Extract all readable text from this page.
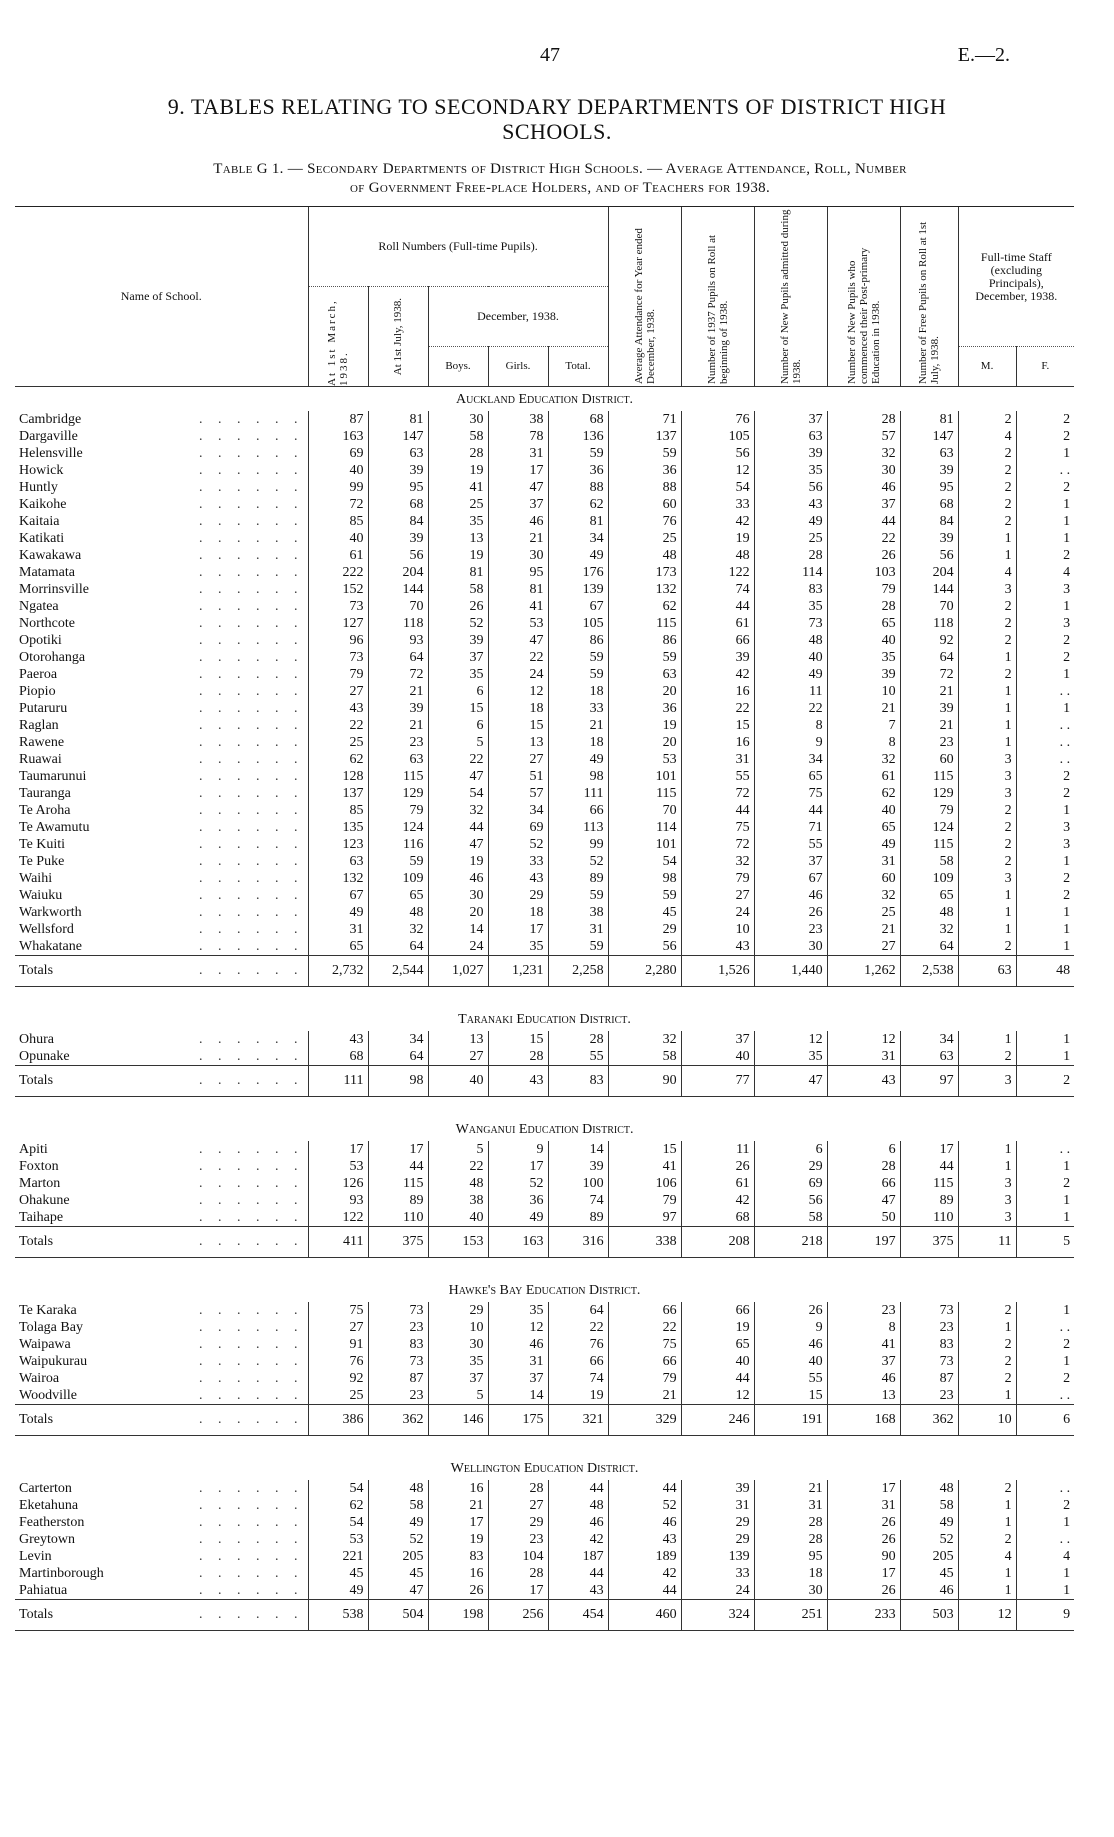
47	E.—2.
9. TABLES RELATING TO SECONDARY DEPARTMENTS OF DISTRICT HIGH
SCHOOLS.
Table G 1. — Secondary Departments of District High Schools. — Average Attendance, Roll, Number
of Government Free-place Holders, and of Teachers for 1938.
Name of School.	Roll Numbers (Full-time Pupils).					Average Attendance for Year ended December, 1938.	Number of 1937 Pupils on Roll at beginning of 1938.	Number of New Pupils admitted during 1938.	Number of New Pupils who commenced their Post-primary Education in 1938.	Number of Free Pupils on Roll at 1st July, 1938.	Full-time Staff (excluding Principals), December, 1938.	

	At 1st March, 1938.	At 1st July, 1938.	December, 1938.									
			Boys.	Girls.	Total.						M.	F.
Auckland Education District.												
Cambridge . . . . . .	87	81	30	38	68	71	76	37	28	81	2	2
Dargaville . . . . . .	163	147	58	78	136	137	105	63	57	147	4	2
Helensville . . . . . .	69	63	28	31	59	59	56	39	32	63	2	1
Howick . . . . . .	40	39	19	17	36	36	12	35	30	39	2	. .
Huntly . . . . . .	99	95	41	47	88	88	54	56	46	95	2	2
Kaikohe . . . . . .	72	68	25	37	62	60	33	43	37	68	2	1
Kaitaia . . . . . .	85	84	35	46	81	76	42	49	44	84	2	1
Katikati . . . . . .	40	39	13	21	34	25	19	25	22	39	1	1
Kawakawa . . . . . .	61	56	19	30	49	48	48	28	26	56	1	2
Matamata . . . . . .	222	204	81	95	176	173	122	114	103	204	4	4
Morrinsville . . . . . .	152	144	58	81	139	132	74	83	79	144	3	3
Ngatea . . . . . .	73	70	26	41	67	62	44	35	28	70	2	1
Northcote . . . . . .	127	118	52	53	105	115	61	73	65	118	2	3
Opotiki . . . . . .	96	93	39	47	86	86	66	48	40	92	2	2
Otorohanga . . . . . .	73	64	37	22	59	59	39	40	35	64	1	2
Paeroa . . . . . .	79	72	35	24	59	63	42	49	39	72	2	1
Piopio . . . . . .	27	21	6	12	18	20	16	11	10	21	1	. .
Putaruru . . . . . .	43	39	15	18	33	36	22	22	21	39	1	1
Raglan . . . . . .	22	21	6	15	21	19	15	8	7	21	1	. .
Rawene . . . . . .	25	23	5	13	18	20	16	9	8	23	1	. .
Ruawai . . . . . .	62	63	22	27	49	53	31	34	32	60	3	. .
Taumarunui . . . . . .	128	115	47	51	98	101	55	65	61	115	3	2
Tauranga . . . . . .	137	129	54	57	111	115	72	75	62	129	3	2
Te Aroha . . . . . .	85	79	32	34	66	70	44	44	40	79	2	1
Te Awamutu . . . . . .	135	124	44	69	113	114	75	71	65	124	2	3
Te Kuiti . . . . . .	123	116	47	52	99	101	72	55	49	115	2	3
Te Puke . . . . . .	63	59	19	33	52	54	32	37	31	58	2	1
Waihi . . . . . .	132	109	46	43	89	98	79	67	60	109	3	2
Waiuku . . . . . .	67	65	30	29	59	59	27	46	32	65	1	2
Warkworth . . . . . .	49	48	20	18	38	45	24	26	25	48	1	1
Wellsford . . . . . .	31	32	14	17	31	29	10	23	21	32	1	1
Whakatane . . . . . .	65	64	24	35	59	56	43	30	27	64	2	1
Totals . . . . . .	2,732	2,544	1,027	1,231	2,258	2,280	1,526	1,440	1,262	2,538	63	48
Taranaki Education District.												
Ohura . . . . . .	43	34	13	15	28	32	37	12	12	34	1	1
Opunake . . . . . .	68	64	27	28	55	58	40	35	31	63	2	1
Totals . . . . . .	111	98	40	43	83	90	77	47	43	97	3	2
Wanganui Education District.												
Apiti . . . . . .	17	17	5	9	14	15	11	6	6	17	1	. .
Foxton . . . . . .	53	44	22	17	39	41	26	29	28	44	1	1
Marton . . . . . .	126	115	48	52	100	106	61	69	66	115	3	2
Ohakune . . . . . .	93	89	38	36	74	79	42	56	47	89	3	1
Taihape . . . . . .	122	110	40	49	89	97	68	58	50	110	3	1
Totals . . . . . .	411	375	153	163	316	338	208	218	197	375	11	5
Hawke's Bay Education District.												
Te Karaka . . . . . .	75	73	29	35	64	66	66	26	23	73	2	1
Tolaga Bay . . . . . .	27	23	10	12	22	22	19	9	8	23	1	. .
Waipawa . . . . . .	91	83	30	46	76	75	65	46	41	83	2	2
Waipukurau . . . . . .	76	73	35	31	66	66	40	40	37	73	2	1
Wairoa . . . . . .	92	87	37	37	74	79	44	55	46	87	2	2
Woodville . . . . . .	25	23	5	14	19	21	12	15	13	23	1	. .
Totals . . . . . .	386	362	146	175	321	329	246	191	168	362	10	6
Wellington Education District.												
Carterton . . . . . .	54	48	16	28	44	44	39	21	17	48	2	. .
Eketahuna . . . . . .	62	58	21	27	48	52	31	31	31	58	1	2
Featherston . . . . . .	54	49	17	29	46	46	29	28	26	49	1	1
Greytown . . . . . .	53	52	19	23	42	43	29	28	26	52	2	. .
Levin . . . . . .	221	205	83	104	187	189	139	95	90	205	4	4
Martinborough . . . . . .	45	45	16	28	44	42	33	18	17	45	1	1
Pahiatua . . . . . .	49	47	26	17	43	44	24	30	26	46	1	1
Totals . . . . . .	538	504	198	256	454	460	324	251	233	503	12	9
